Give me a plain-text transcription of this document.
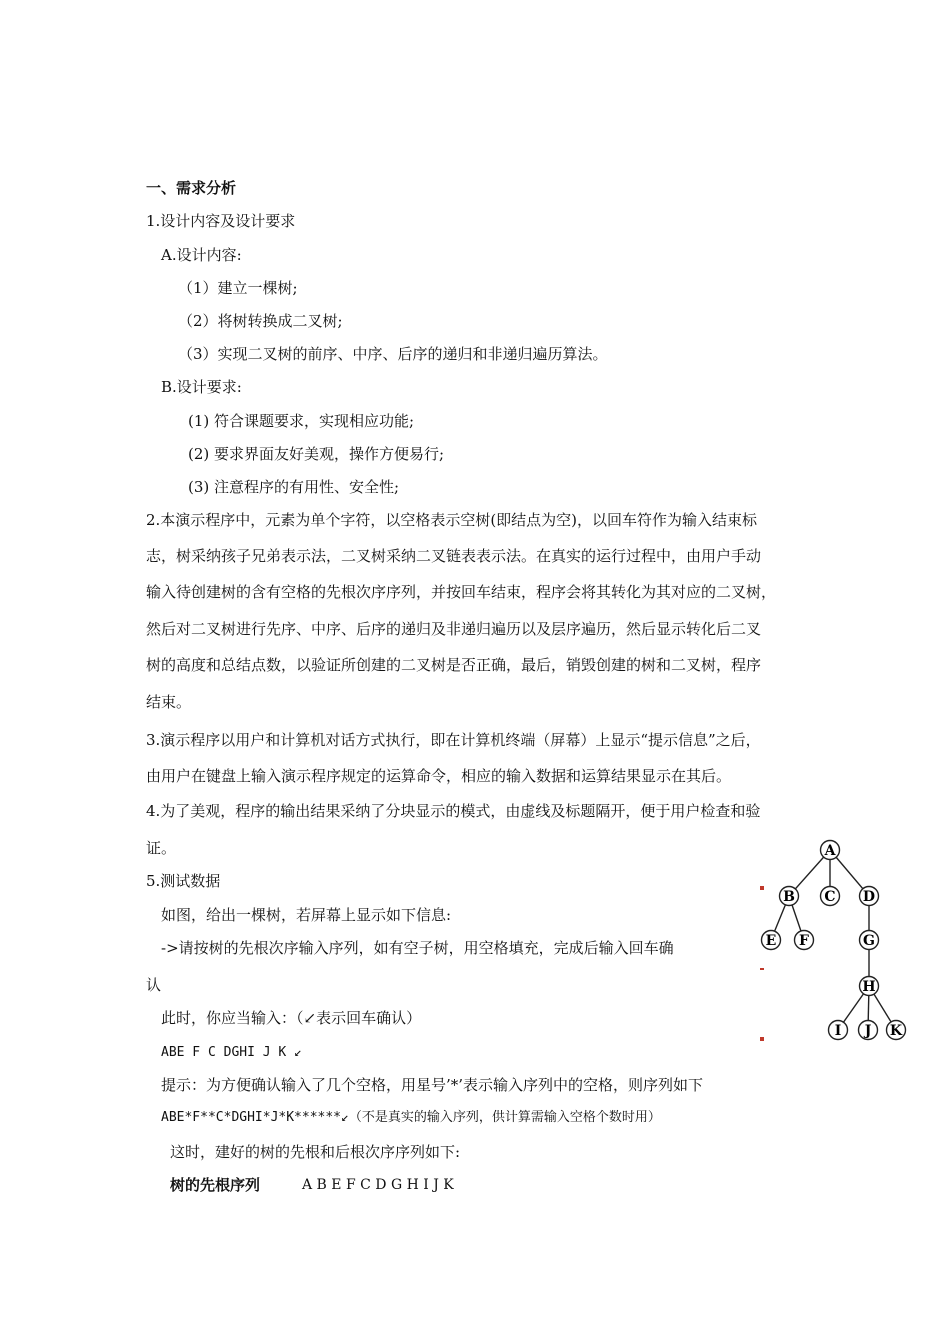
一、需求分析
1.设计内容及设计要求
A.设计内容:
（1）建立一棵树;
（2）将树转换成二叉树;
（3）实现二叉树的前序、中序、后序的递归和非递归遍历算法。
B.设计要求:
(1) 符合课题要求，实现相应功能;
(2) 要求界面友好美观，操作方便易行;
(3) 注意程序的有用性、安全性;
2.本演示程序中，元素为单个字符，以空格表示空树(即结点为空)，以回车符作为输入结束标
志，树采纳孩子兄弟表示法，二叉树采纳二叉链表表示法。在真实的运行过程中，由用户手动
输入待创建树的含有空格的先根次序序列，并按回车结束，程序会将其转化为其对应的二叉树，
然后对二叉树进行先序、中序、后序的递归及非递归遍历以及层序遍历，然后显示转化后二叉
树的高度和总结点数，以验证所创建的二叉树是否正确，最后，销毁创建的树和二叉树，程序
结束。
3.演示程序以用户和计算机对话方式执行，即在计算机终端（屏幕）上显示“提示信息”之后，
由用户在键盘上输入演示程序规定的运算命令，相应的输入数据和运算结果显示在其后。
4.为了美观，程序的输出结果采纳了分块显示的模式，由虚线及标题隔开，便于用户检查和验
证。
5.测试数据
如图，给出一棵树，若屏幕上显示如下信息:
->请按树的先根次序输入序列，如有空子树，用空格填充，完成后输入回车确
认
此时，你应当输入：（↙表示回车确认）
ABE F C DGHI J K ↙
提示：为方便确认输入了几个空格，用星号’*’表示输入序列中的空格，则序列如下
ABE*F**C*DGHI*J*K******↙（不是真实的输入序列，供计算需输入空格个数时用）
这时，建好的树的先根和后根次序序列如下:
树的先根序列	A B E F C D G H I J K
A
B C D
E F	G
H
I J K
